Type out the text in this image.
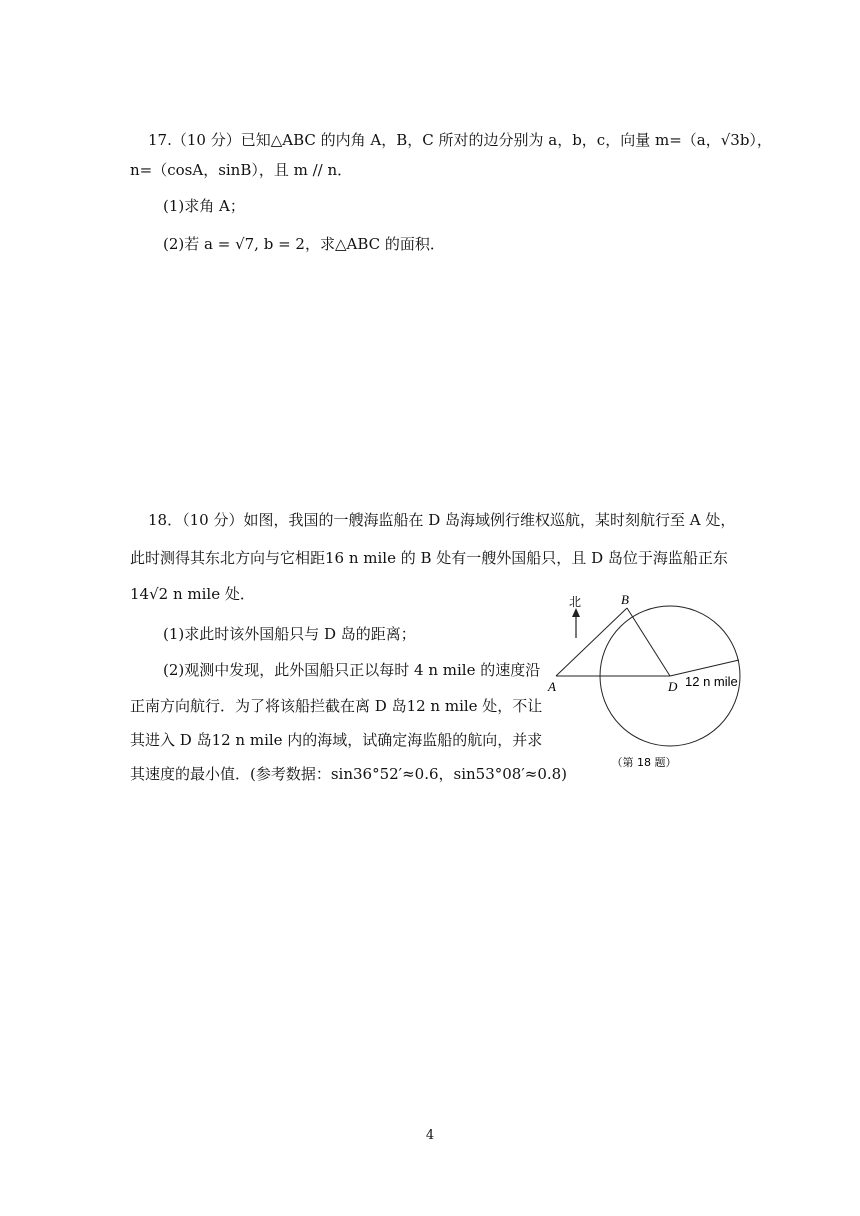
17.（10 分）已知△ABC 的内角 A，B，C 所对的边分别为 a，b，c，向量 m=（a，√3b），
n=（cosA，sinB），且 m // n．
(1)求角 A；
(2)若 a = √7, b = 2，求△ABC 的面积．
18．（10 分）如图，我国的一艘海监船在 D 岛海域例行维权巡航，某时刻航行至 A 处，
此时测得其东北方向与它相距16 n mile 的 B 处有一艘外国船只，且 D 岛位于海监船正东
14√2 n mile 处．
(1)求此时该外国船只与 D 岛的距离；
(2)观测中发现，此外国船只正以每时 4 n mile 的速度沿
正南方向航行．为了将该船拦截在离 D 岛12 n mile 处，不让
其进入 D 岛12 n mile 内的海域，试确定海监船的航向，并求
其速度的最小值．(参考数据：sin36°52′≈0.6，sin53°08′≈0.8)
北
A
B
D 12 n mile
（第 18 题）
4
